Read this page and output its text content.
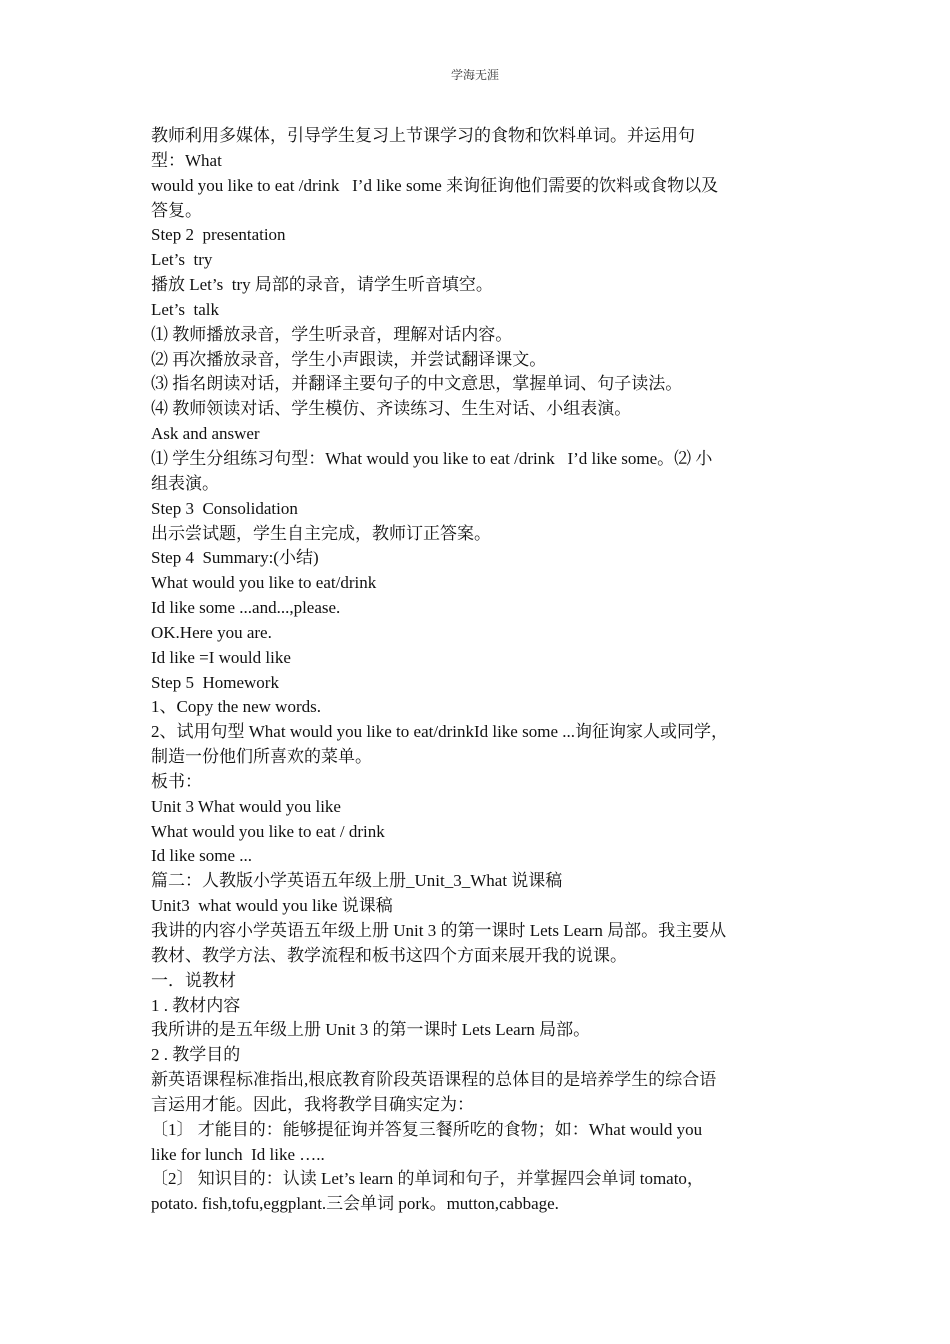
学海无涯
教师利用多媒体，引导学生复习上节课学习的食物和饮料单词。并运用句
型：What
would you like to eat /drink   I’d like some 来询征询他们需要的饮料或食物以及
答复。
Step 2  presentation
Let’s  try
播放 Let’s  try 局部的录音，请学生听音填空。
Let’s  talk
⑴ 教师播放录音，学生听录音，理解对话内容。
⑵ 再次播放录音，学生小声跟读，并尝试翻译课文。
⑶ 指名朗读对话，并翻译主要句子的中文意思，掌握单词、句子读法。
⑷ 教师领读对话、学生模仿、齐读练习、生生对话、小组表演。
Ask and answer
⑴ 学生分组练习句型：What would you like to eat /drink   I’d like some。⑵ 小
组表演。
Step 3  Consolidation
出示尝试题，学生自主完成，教师订正答案。
Step 4  Summary:(小结)
What would you like to eat/drink
Id like some ...and...,please.
OK.Here you are.
Id like =I would like
Step 5  Homework
1、Copy the new words.
2、试用句型 What would you like to eat/drinkId like some ...询征询家人或同学，
制造一份他们所喜欢的菜单。
板书：
Unit 3 What would you like
What would you like to eat / drink
Id like some ...
篇二：人教版小学英语五年级上册_Unit_3_What 说课稿
Unit3  what would you like 说课稿
我讲的内容小学英语五年级上册 Unit 3 的第一课时 Lets Learn 局部。我主要从
教材、教学方法、教学流程和板书这四个方面来展开我的说课。
一．说教材
1 . 教材内容
我所讲的是五年级上册 Unit 3 的第一课时 Lets Learn 局部。
2 . 教学目的
新英语课程标准指出,根底教育阶段英语课程的总体目的是培养学生的综合语
言运用才能。因此，我将教学目确实定为：
〔1〕 才能目的：能够提征询并答复三餐所吃的食物；如：What would you
like for lunch  Id like …..
〔2〕 知识目的：认读 Let’s learn 的单词和句子，并掌握四会单词 tomato，
potato. fish,tofu,eggplant.三会单词 pork。mutton,cabbage.
